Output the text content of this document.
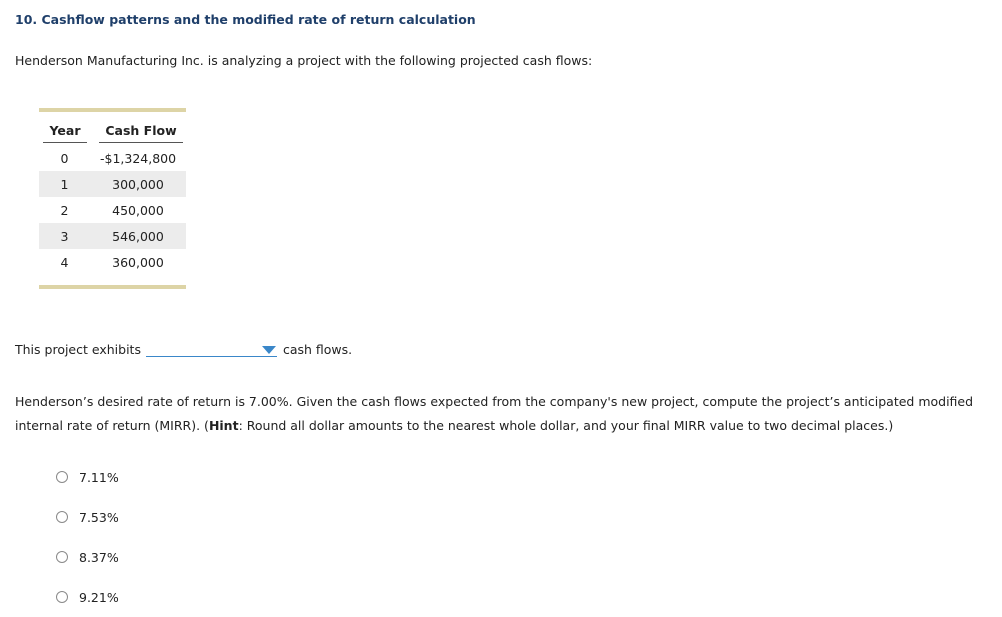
10. Cashflow patterns and the modified rate of return calculation
Henderson Manufacturing Inc. is analyzing a project with the following projected cash flows:
Year	Cash Flow
0	-$1,324,800
1	300,000
2	450,000
3	546,000
4	360,000
This project exhibits	cash flows.
Henderson’s desired rate of return is 7.00%. Given the cash flows expected from the company's new project, compute the project’s anticipated modified internal rate of return (MIRR). (Hint: Round all dollar amounts to the nearest whole dollar, and your final MIRR value to two decimal places.)
7.11%
7.53%
8.37%
9.21%
